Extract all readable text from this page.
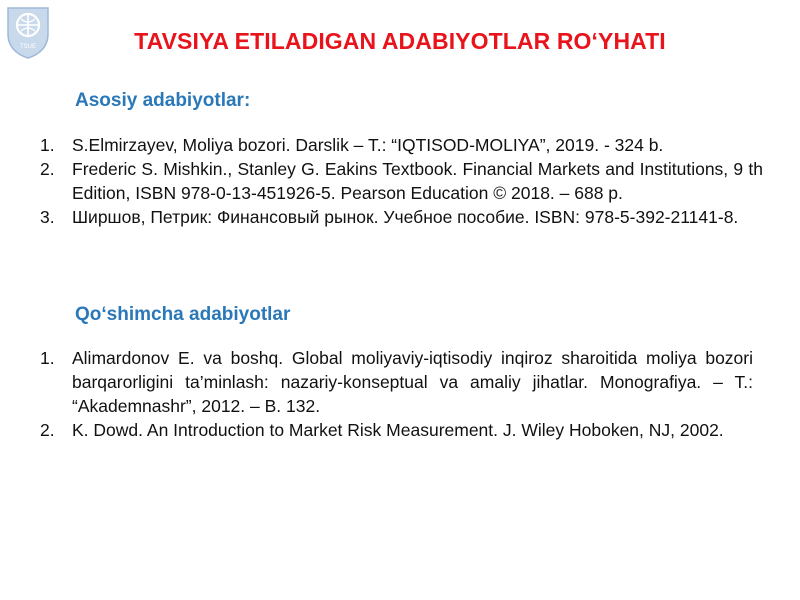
TSUE	TAVSIYA ETILADIGAN ADABIYOTLAR RO‘YHATI
Asosiy adabiyotlar:
1. S.Elmirzayev, Moliya bozori. Darslik – T.: “IQTISOD-MOLIYA”, 2019. - 324 b.
2. Frederic S. Mishkin., Stanley G. Eakins Textbook. Financial Markets and Institutions, 9 th Edition, ISBN 978-0-13-451926-5. Pearson Education © 2018. – 688 p.
3. Ширшов, Петрик: Финансовый рынок. Учебное пособие. ISBN: 978-5-392-21141-8.
Qo‘shimcha adabiyotlar
1. Alimardonov E. va boshq. Global moliyaviy-iqtisodiy inqiroz sharoitida moliya bozori barqarorligini ta’minlash: nazariy-konseptual va amaliy jihatlar. Monografiya. – T.: “Akademnashr”, 2012. – B. 132.
2. K. Dowd. An Introduction to Market Risk Measurement. J. Wiley Hoboken, NJ, 2002.
